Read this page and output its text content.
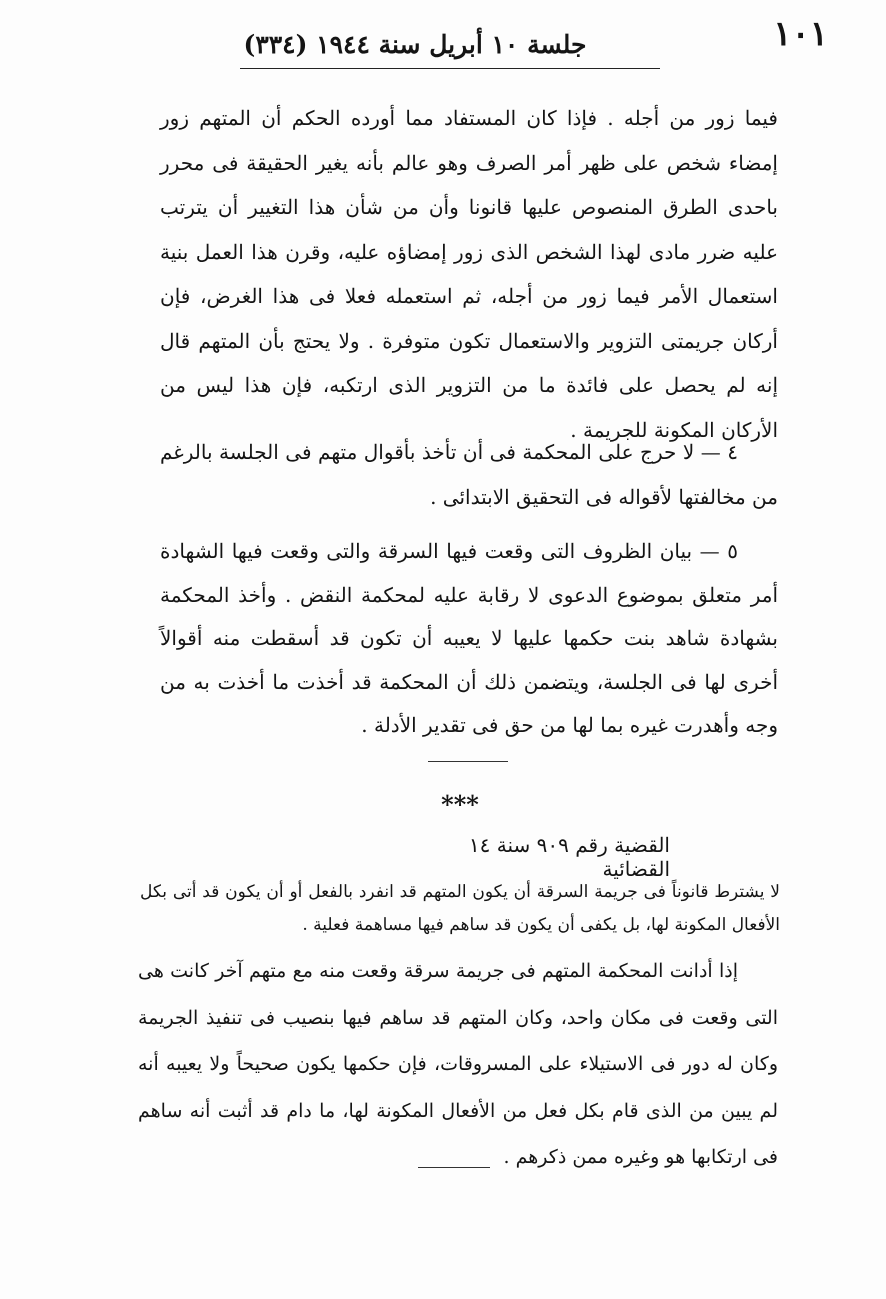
١٠١
جلسة ١٠ أبريل سنة ١٩٤٤ (٣٣٤)

فيما زور من أجله . فإذا كان المستفاد مما أورده الحكم أن المتهم زور إمضاء شخص على ظهر أمر الصرف وهو عالم بأنه يغير الحقيقة فى محرر باحدى الطرق المنصوص عليها قانونا وأن من شأن هذا التغيير أن يترتب عليه ضرر مادى لهذا الشخص الذى زور إمضاؤه عليه، وقرن هذا العمل بنية استعمال الأمر فيما زور من أجله، ثم استعمله فعلا فى هذا الغرض، فإن أركان جريمتى التزوير والاستعمال تكون متوفرة . ولا يحتج بأن المتهم قال إنه لم يحصل على فائدة ما من التزوير الذى ارتكبه، فإن هذا ليس من الأركان المكونة للجريمة .

٤ — لا حرج على المحكمة فى أن تأخذ بأقوال متهم فى الجلسة بالرغم من مخالفتها لأقواله فى التحقيق الابتدائى .

٥ — بيان الظروف التى وقعت فيها السرقة والتى وقعت فيها الشهادة أمر متعلق بموضوع الدعوى لا رقابة عليه لمحكمة النقض . وأخذ المحكمة بشهادة شاهد بنت حكمها عليها لا يعيبه أن تكون قد أسقطت منه أقوالاً أخرى لها فى الجلسة، ويتضمن ذلك أن المحكمة قد أخذت ما أخذت به من وجه وأهدرت غيره بما لها من حق فى تقدير الأدلة .

***
القضية رقم ٩٠٩ سنة ١٤ القضائية

لا يشترط قانوناً فى جريمة السرقة أن يكون المتهم قد انفرد بالفعل أو أن يكون قد أتى بكل الأفعال المكونة لها، بل يكفى أن يكون قد ساهم فيها مساهمة فعلية .

إذا أدانت المحكمة المتهم فى جريمة سرقة وقعت منه مع متهم آخر كانت هى التى وقعت فى مكان واحد، وكان المتهم قد ساهم فيها بنصيب فى تنفيذ الجريمة وكان له دور فى الاستيلاء على المسروقات، فإن حكمها يكون صحيحاً ولا يعيبه أنه لم يبين من الذى قام بكل فعل من الأفعال المكونة لها، ما دام قد أثبت أنه ساهم فى ارتكابها هو وغيره ممن ذكرهم .
